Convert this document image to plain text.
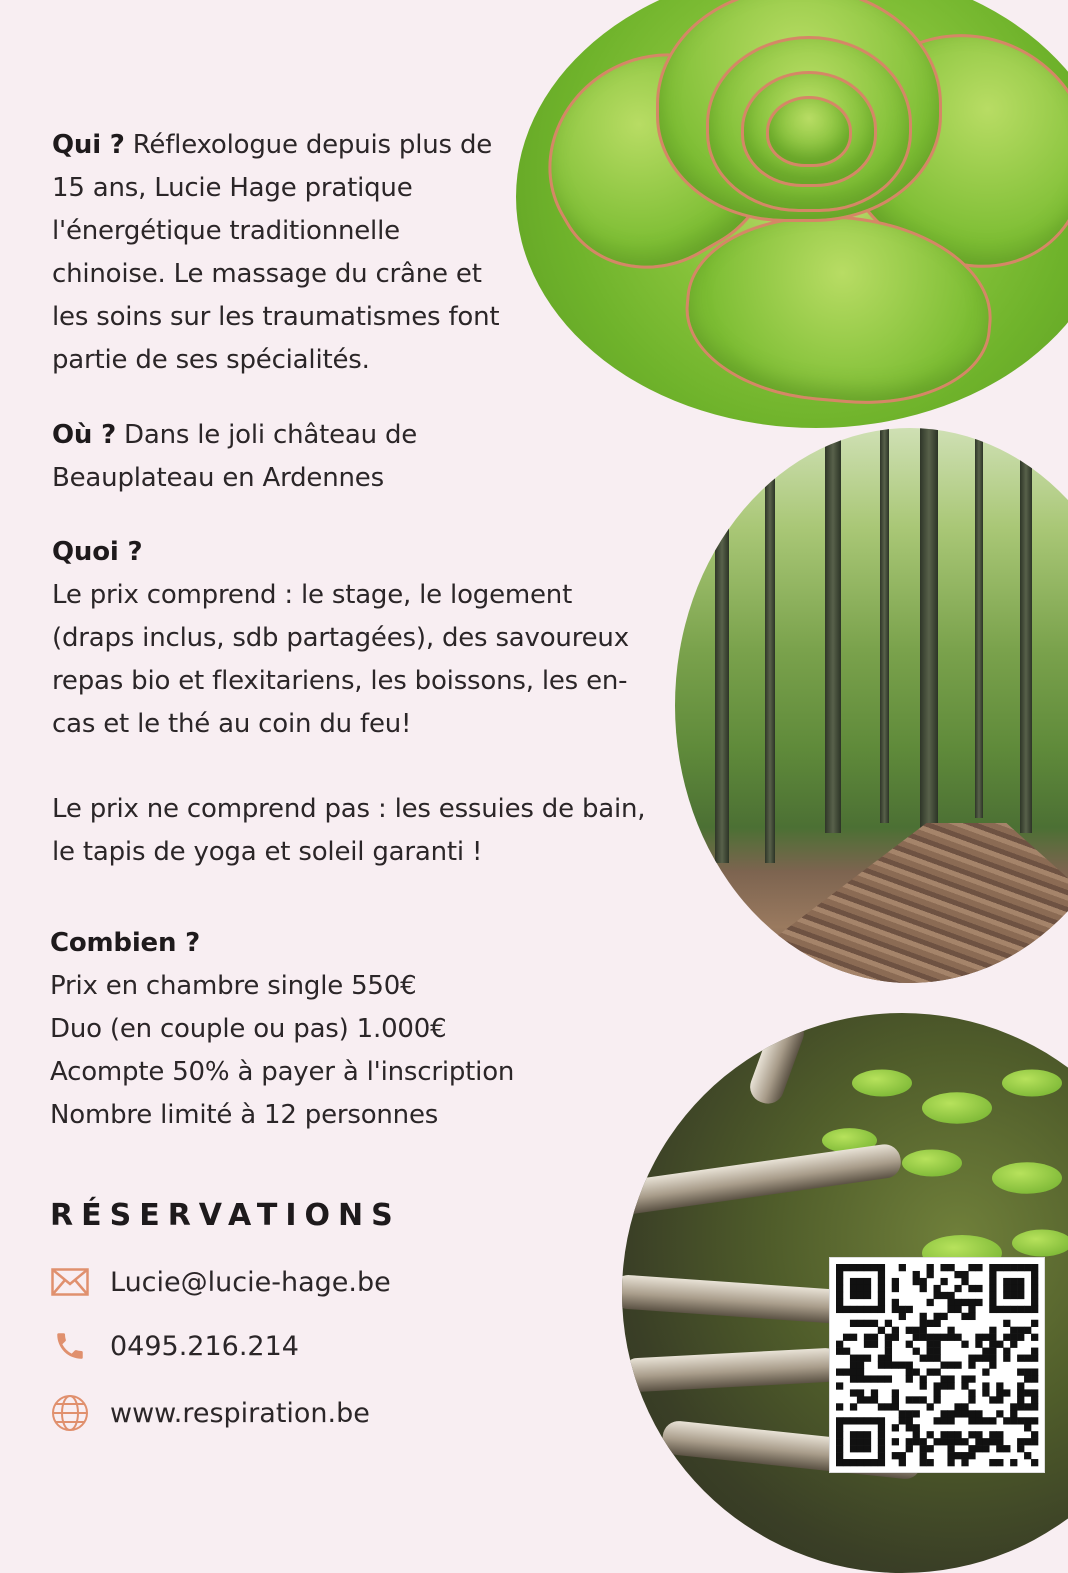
Qui ? Réflexologue depuis plus de

15 ans, Lucie Hage pratique

l'énergétique traditionnelle

chinoise. Le massage du crâne et

les soins sur les traumatismes font

partie de ses spécialités.

Où ? Dans le joli château de

Beauplateau en Ardennes

Quoi ?

Le prix comprend : le stage, le logement

(draps inclus, sdb partagées), des savoureux

repas bio et flexitariens, les boissons, les en-

cas et le thé au coin du feu!

Le prix ne comprend pas : les essuies de bain,

le tapis de yoga et soleil garanti !

Combien ?

Prix en chambre single 550€

Duo (en couple ou pas) 1.000€

Acompte 50% à payer à l'inscription

Nombre limité à 12 personnes

RÉSERVATIONS
Lucie@lucie-hage.be
0495.216.214
www.respiration.be
